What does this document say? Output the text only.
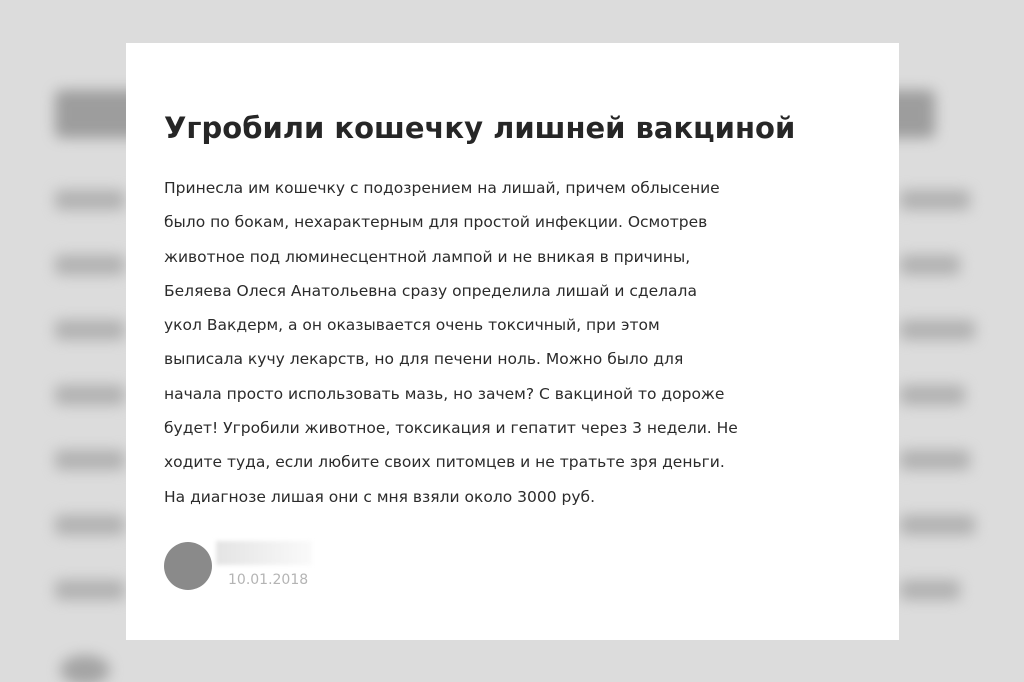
Угробили кошечку лишней вакциной
Принесла им кошечку с подозрением на лишай, причем облысение
было по бокам, нехарактерным для простой инфекции. Осмотрев
животное под люминесцентной лампой и не вникая в причины,
Беляева Олеся Анатольевна сразу определила лишай и сделала
укол Вакдерм, а он оказывается очень токсичный, при этом
выписала кучу лекарств, но для печени ноль. Можно было для
начала просто использовать мазь, но зачем? С вакциной то дороже
будет! Угробили животное, токсикация и гепатит через 3 недели. Не
ходите туда, если любите своих питомцев и не тратьте зря деньги.
На диагнозе лишая они с мня взяли около 3000 руб.
10.01.2018
